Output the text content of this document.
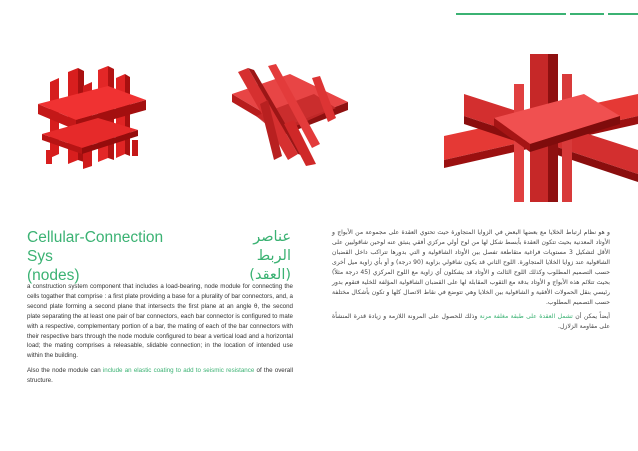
Cellular-Connection Sys
(nodes)
عناصر الربط
(العقد)

a construction system component that includes a load-bearing, node module for connecting the cells togather that comprise : a first plate providing a base for a plurality of bar connectors, and, a second plate forming a second plane that intersects the first plane at an angle θ, the second plate separating the at least one pair of bar connectors, each bar connector is configured to mate with a respective, complementary portion of a bar, the mating of each of the bar connectors with their respective bars through the node module configured to bear a vertical load and a horizontal load; the mating comprises a releasable, slidable connection; in the location of intended use within the building.

Also the node module can include an elastic coating to add to seismic resistance of the overall structure.

و هو نظام ارتباط الخلايا مع بعضها البعض في الزوايا المتجاورة حيث تحتوي العقدة على مجموعة من الأبواج و الأوتاد المعدنية بحيث تتكون العقدة بأبسط شكل لها من لوح أولي مركزي أفقي ينبثق عنه لوحين شاقوليين على الأقل لتشكيل 3 مستويات فراغية متقاطعة تفصل بين الأوتاد الشاقولية و التي بدورها تتراكب داخل القضبان الشاقولية عند زوايا الخلايا المتجاورة. اللوح الثاني قد يكون شاقولي بزاوية (90 درجة) و أو بأي زاوية ميل أخرى حسب التصميم المطلوب وكذلك اللوح الثالث و الأوتاد قد يشكلون أي زاوية مع اللوح المركزي (45 درجة مثلاً) بحيث تتلائم هذه الأبواج و الأوتاد بدقة مع الثقوب المقابلة لها على القضبان الشاقولية المؤلفة للخلية فتقوم بدور رئيسي بنقل الحمولات الأفقية و الشاقولية بين الخلايا وهي تتوضع في نقاط الاتصال كلها و تكون بأشكال مختلفة حسب التصميم المطلوب.

أيضاً يمكن أن تشمل العقدة على طبقة مغلفة مرنة وذلك للحصول على المرونة اللازمة و زيادة قدرة المنشأة على مقاومة الزلازل.
